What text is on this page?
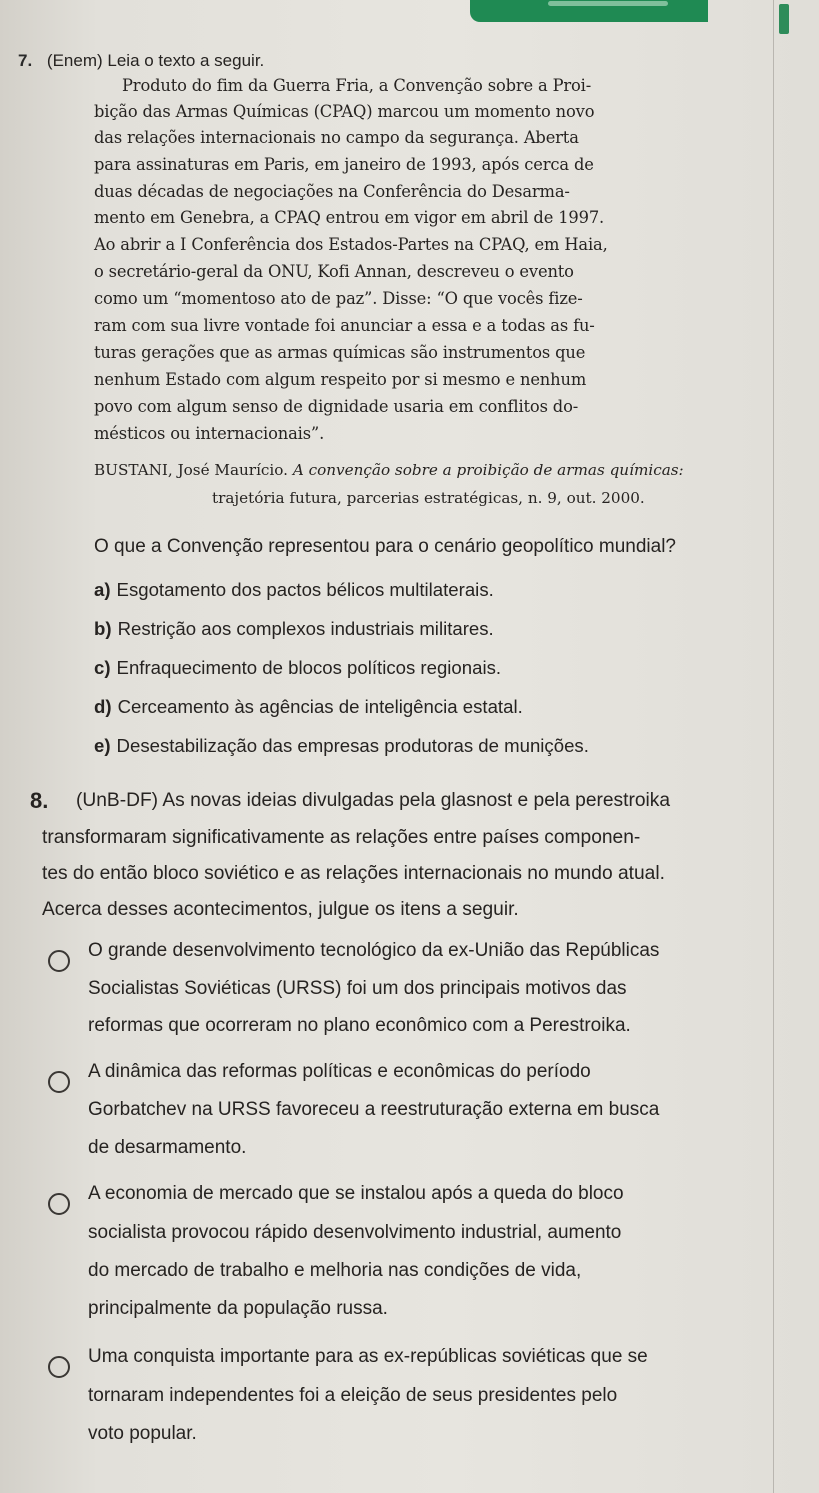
7. (Enem) Leia o texto a seguir.
Produto do fim da Guerra Fria, a Convenção sobre a Proi-
bição das Armas Químicas (CPAQ) marcou um momento novo
das relações internacionais no campo da segurança. Aberta
para assinaturas em Paris, em janeiro de 1993, após cerca de
duas décadas de negociações na Conferência do Desarma-
mento em Genebra, a CPAQ entrou em vigor em abril de 1997.
Ao abrir a I Conferência dos Estados-Partes na CPAQ, em Haia,
o secretário-geral da ONU, Kofi Annan, descreveu o evento
como um “momentoso ato de paz”. Disse: “O que vocês fize-
ram com sua livre vontade foi anunciar a essa e a todas as fu-
turas gerações que as armas químicas são instrumentos que
nenhum Estado com algum respeito por si mesmo e nenhum
povo com algum senso de dignidade usaria em conflitos do-
mésticos ou internacionais”.
BUSTANI, José Maurício. A convenção sobre a proibição de armas químicas:
trajetória futura, parcerias estratégicas, n. 9, out. 2000.
O que a Convenção representou para o cenário geopolítico mundial?
a) Esgotamento dos pactos bélicos multilaterais.
b) Restrição aos complexos industriais militares.
c) Enfraquecimento de blocos políticos regionais.
d) Cerceamento às agências de inteligência estatal.
e) Desestabilização das empresas produtoras de munições.
8. (UnB-DF) As novas ideias divulgadas pela glasnost e pela perestroika
transformaram significativamente as relações entre países componen-
tes do então bloco soviético e as relações internacionais no mundo atual.
Acerca desses acontecimentos, julgue os itens a seguir.
O grande desenvolvimento tecnológico da ex-União das Repúblicas
Socialistas Soviéticas (URSS) foi um dos principais motivos das
reformas que ocorreram no plano econômico com a Perestroika.
A dinâmica das reformas políticas e econômicas do período
Gorbatchev na URSS favoreceu a reestruturação externa em busca
de desarmamento.
A economia de mercado que se instalou após a queda do bloco
socialista provocou rápido desenvolvimento industrial, aumento
do mercado de trabalho e melhoria nas condições de vida,
principalmente da população russa.
Uma conquista importante para as ex-repúblicas soviéticas que se
tornaram independentes foi a eleição de seus presidentes pelo
voto popular.
